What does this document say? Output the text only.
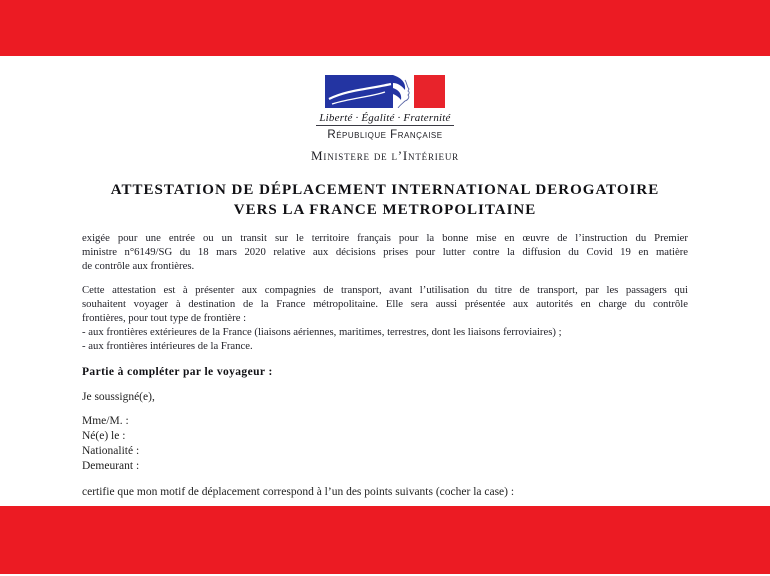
Liberté · Égalité · Fraternité
République Française
Ministere de l’Intérieur
ATTESTATION DE DÉPLACEMENT INTERNATIONAL DEROGATOIRE
VERS LA FRANCE METROPOLITAINE
exigée pour une entrée ou un transit sur le territoire français pour la bonne mise en œuvre de l’instruction du Premier
ministre n°6149/SG du 18 mars 2020 relative aux décisions prises pour lutter contre la diffusion du Covid 19 en matière
de contrôle aux frontières.
Cette attestation est à présenter aux compagnies de transport, avant l’utilisation du titre de transport, par les passagers qui
souhaitent voyager à destination de la France métropolitaine. Elle sera aussi présentée aux autorités en charge du contrôle
frontières, pour tout type de frontière :
- aux frontières extérieures de la France (liaisons aériennes, maritimes, terrestres, dont les liaisons ferroviaires) ;
- aux frontières intérieures de la France.
Partie à compléter par le voyageur :
Je soussigné(e),
Mme/M. :
Né(e) le :
Nationalité :
Demeurant :
certifie que mon motif de déplacement correspond à l’un des points suivants (cocher la case) :
